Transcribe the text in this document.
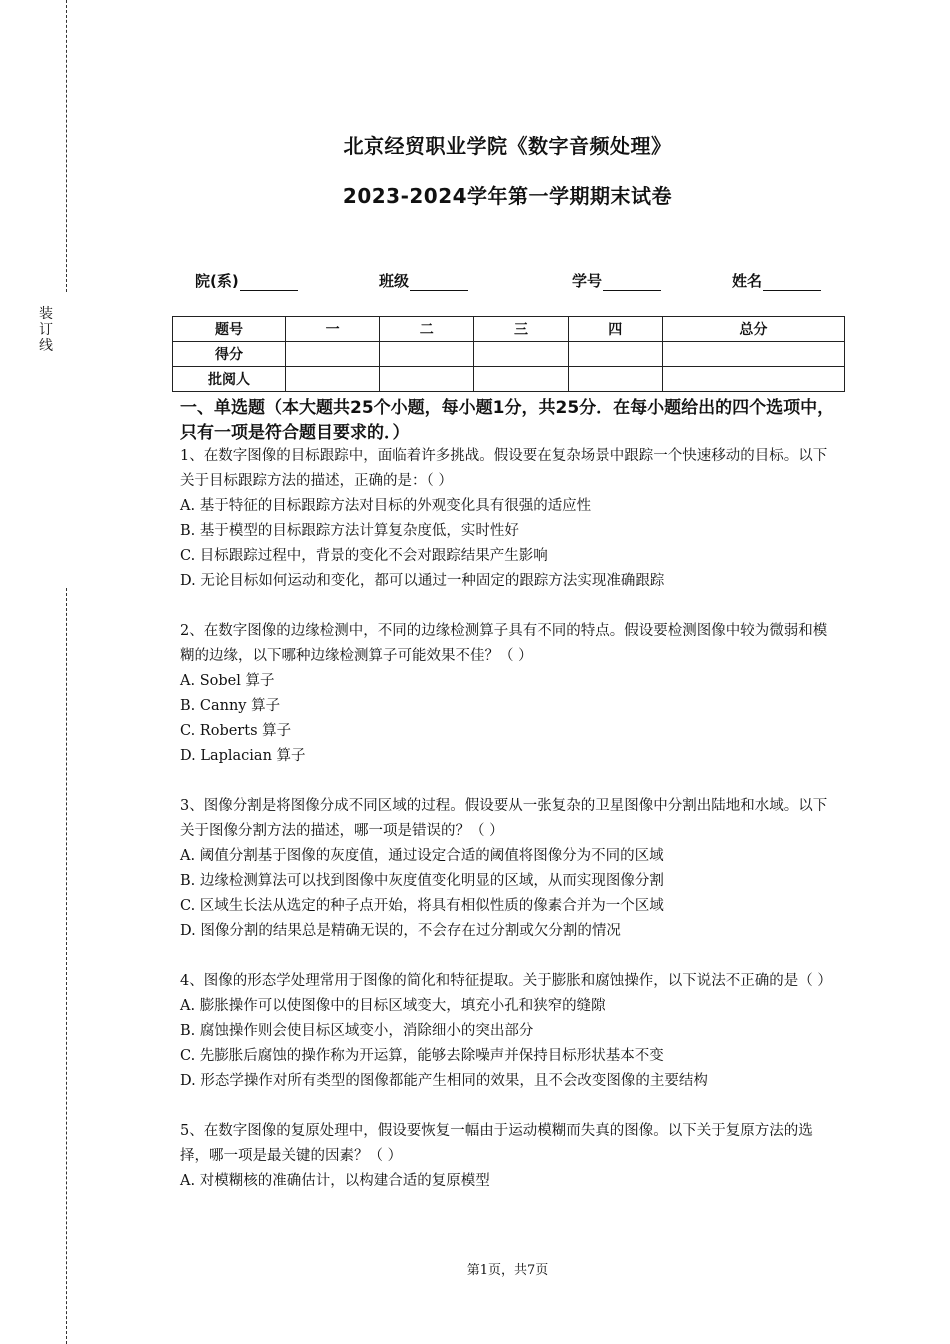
装订线
北京经贸职业学院《数字音频处理》
2023-2024学年第一学期期末试卷
院(系)	班级	学号	姓名
题号	一	二	三	四	总分
得分					
批阅人					
一、单选题（本大题共25个小题，每小题1分，共25分．在每小题给出的四个选项中，只有一项是符合题目要求的．）
1、在数字图像的目标跟踪中，面临着许多挑战。假设要在复杂场景中跟踪一个快速移动的目标。以下关于目标跟踪方法的描述，正确的是：（ ）
A. 基于特征的目标跟踪方法对目标的外观变化具有很强的适应性
B. 基于模型的目标跟踪方法计算复杂度低，实时性好
C. 目标跟踪过程中，背景的变化不会对跟踪结果产生影响
D. 无论目标如何运动和变化，都可以通过一种固定的跟踪方法实现准确跟踪
2、在数字图像的边缘检测中，不同的边缘检测算子具有不同的特点。假设要检测图像中较为微弱和模糊的边缘，以下哪种边缘检测算子可能效果不佳？（ ）
A. Sobel 算子
B. Canny 算子
C. Roberts 算子
D. Laplacian 算子
3、图像分割是将图像分成不同区域的过程。假设要从一张复杂的卫星图像中分割出陆地和水域。以下关于图像分割方法的描述，哪一项是错误的？（ ）
A. 阈值分割基于图像的灰度值，通过设定合适的阈值将图像分为不同的区域
B. 边缘检测算法可以找到图像中灰度值变化明显的区域，从而实现图像分割
C. 区域生长法从选定的种子点开始，将具有相似性质的像素合并为一个区域
D. 图像分割的结果总是精确无误的，不会存在过分割或欠分割的情况
4、图像的形态学处理常用于图像的简化和特征提取。关于膨胀和腐蚀操作，以下说法不正确的是（ ）
A. 膨胀操作可以使图像中的目标区域变大，填充小孔和狭窄的缝隙
B. 腐蚀操作则会使目标区域变小，消除细小的突出部分
C. 先膨胀后腐蚀的操作称为开运算，能够去除噪声并保持目标形状基本不变
D. 形态学操作对所有类型的图像都能产生相同的效果，且不会改变图像的主要结构
5、在数字图像的复原处理中，假设要恢复一幅由于运动模糊而失真的图像。以下关于复原方法的选择，哪一项是最关键的因素？（ ）
A. 对模糊核的准确估计，以构建合适的复原模型
第1页，共7页
